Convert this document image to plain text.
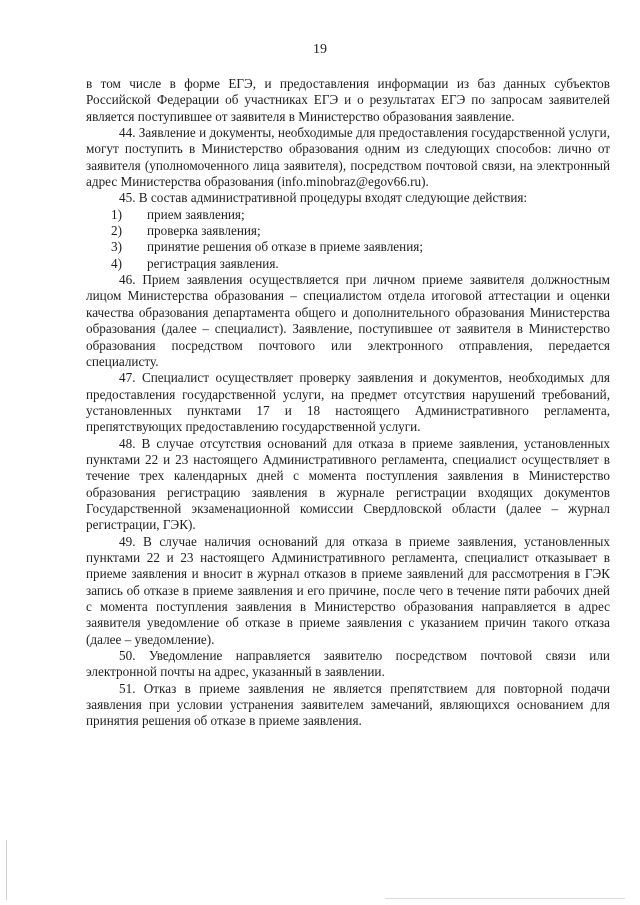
19

в том числе в форме ЕГЭ, и предоставления информации из баз данных субъектов Российской Федерации об участниках ЕГЭ и о результатах ЕГЭ по запросам заявителей является поступившее от заявителя в Министерство образования заявление.

44. Заявление и документы, необходимые для предоставления государственной услуги, могут поступить в Министерство образования одним из следующих способов: лично от заявителя (уполномоченного лица заявителя), посредством почтовой связи, на электронный адрес Министерства образования (info.minobraz@egov66.ru).

45. В состав административной процедуры входят следующие действия:

1) прием заявления;

2) проверка заявления;

3) принятие решения об отказе в приеме заявления;

4) регистрация заявления.

46. Прием заявления осуществляется при личном приеме заявителя должностным лицом Министерства образования – специалистом отдела итоговой аттестации и оценки качества образования департамента общего и дополнительного образования Министерства образования (далее – специалист). Заявление, поступившее от заявителя в Министерство образования посредством почтового или электронного отправления, передается специалисту.

47. Специалист осуществляет проверку заявления и документов, необходимых для предоставления государственной услуги, на предмет отсутствия нарушений требований, установленных пунктами 17 и 18 настоящего Административного регламента, препятствующих предоставлению государственной услуги.

48. В случае отсутствия оснований для отказа в приеме заявления, установленных пунктами 22 и 23 настоящего Административного регламента, специалист осуществляет в течение трех календарных дней с момента поступления заявления в Министерство образования регистрацию заявления в журнале регистрации входящих документов Государственной экзаменационной комиссии Свердловской области (далее – журнал регистрации, ГЭК).

49. В случае наличия оснований для отказа в приеме заявления, установленных пунктами 22 и 23 настоящего Административного регламента, специалист отказывает в приеме заявления и вносит в журнал отказов в приеме заявлений для рассмотрения в ГЭК запись об отказе в приеме заявления и его причине, после чего в течение пяти рабочих дней с момента поступления заявления в Министерство образования направляется в адрес заявителя уведомление об отказе в приеме заявления с указанием причин такого отказа (далее – уведомление).

50. Уведомление направляется заявителю посредством почтовой связи или электронной почты на адрес, указанный в заявлении.

51. Отказ в приеме заявления не является препятствием для повторной подачи заявления при условии устранения заявителем замечаний, являющихся основанием для принятия решения об отказе в приеме заявления.
